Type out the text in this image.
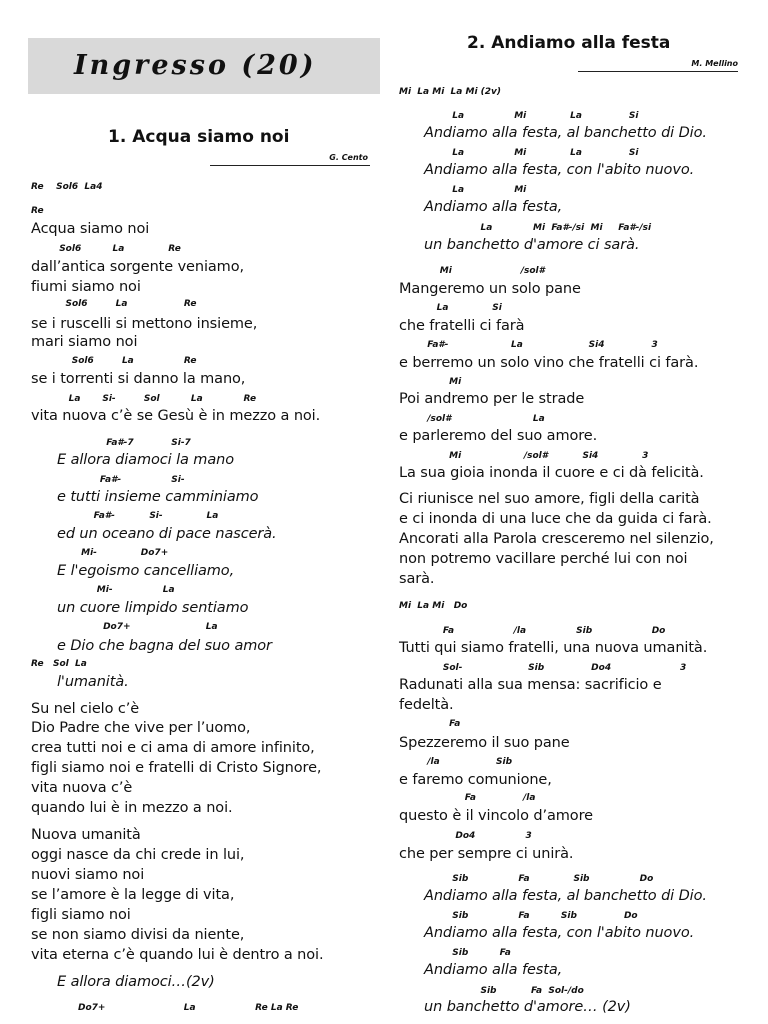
Ingresso (20)
1. Acqua siamo noi
G. Cento
2. Andiamo alla festa
M. Mellino
Re    Sol6  La4
Re
Acqua siamo noi
Sol6          La              Re
dall’antica sorgente veniamo,
fiumi siamo noi
Sol6         La                  Re
se i ruscelli si mettono insieme,
mari siamo noi
Sol6         La                Re
se i torrenti si danno la mano,
La       Si-         Sol          La             Re
vita nuova c’è se Gesù è in mezzo a noi.
Fa#-7            Si-7
E allora diamoci la mano
Fa#-                Si-
e tutti insieme camminiamo
Fa#-           Si-              La
ed un oceano di pace nascerà.
Mi-              Do7+
E l'egoismo cancelliamo,
Mi-                La
un cuore limpido sentiamo
Do7+                        La
e Dio che bagna del suo amor
Re   Sol  La
l'umanità.
Su nel cielo c’è
Dio Padre che vive per l’uomo,
crea tutti noi e ci ama di amore infinito,
figli siamo noi e fratelli di Cristo Signore,
vita nuova c’è
quando lui è in mezzo a noi.
Nuova umanità
oggi nasce da chi crede in lui,
nuovi siamo noi
se l’amore è la legge di vita,
figli siamo noi
se non siamo divisi da niente,
vita eterna c’è quando lui è dentro a noi.
E allora diamoci…(2v)
Do7+                         La                   Re La Re
Mi  La Mi  La Mi (2v)
La                Mi              La               Si
Andiamo alla festa, al banchetto di Dio.
La                Mi              La               Si
Andiamo alla festa, con l'abito nuovo.
La                Mi
Andiamo alla festa,
La             Mi  Fa#-/si  Mi     Fa#-/si
un banchetto d'amore ci sarà.
Mi                      /sol#
Mangeremo un solo pane
La              Si
che fratelli ci farà
Fa#-                    La                     Si4               3
e berremo un solo vino che fratelli ci farà.
Mi
Poi andremo per le strade
/sol#                          La
e parleremo del suo amore.
Mi                    /sol#           Si4              3
La sua gioia inonda il cuore e ci dà felicità.
Ci riunisce nel suo amore, figli della carità
e ci inonda di una luce che da guida ci farà.
Ancorati alla Parola cresceremo nel silenzio,
non potremo vacillare perché lui con noi
sarà.
Mi  La Mi   Do
Fa                   /la                Sib                   Do
Tutti qui siamo fratelli, una nuova umanità.
Sol-                     Sib               Do4                      3
Radunati alla sua mensa: sacrificio e
fedeltà.
Fa
Spezzeremo il suo pane
/la                  Sib
e faremo comunione,
Fa               /la
questo è il vincolo d’amore
Do4                3
che per sempre ci unirà.
Sib                Fa              Sib                Do
Andiamo alla festa, al banchetto di Dio.
Sib                Fa          Sib               Do
Andiamo alla festa, con l'abito nuovo.
Sib          Fa
Andiamo alla festa,
Sib           Fa  Sol-/do
un banchetto d'amore… (2v)
